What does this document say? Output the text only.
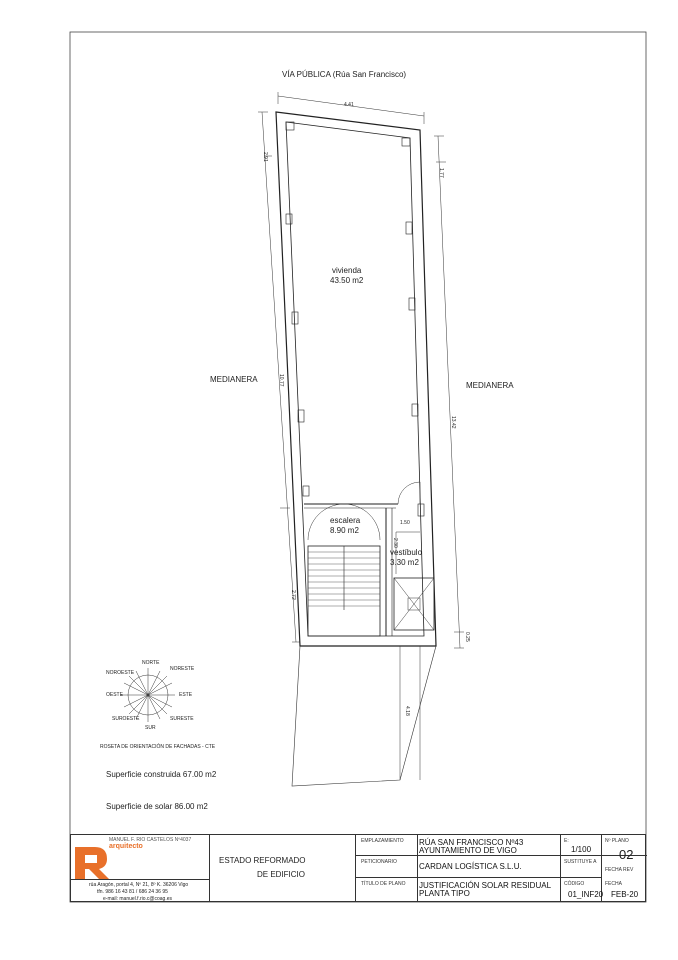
VÍA PÚBLICA (Rúa San Francisco)
4.41
2.91
1.77
10.77
13.42
2.72
0.25
4.18
1.50
2.30
vivienda
43.50 m2
escalera
8.90 m2
vestíbulo
3.30 m2
MEDIANERA
MEDIANERA
NORTE
NORESTE
ESTE
SURESTE
SUR
SUROESTE
OESTE
NOROESTE
ROSETA DE ORIENTACIÓN DE FACHADAS - CTE
Superficie construida 67.00 m2
Superficie de solar 86.00 m2
MANUEL F. RIO CASTELOS Nº4037
arquitecto
rúa Aragón, portal 4, Nº 21, 8º K. 36206 Vigo
tfn. 986 16 43 81 / 686 24 36 95
e-mail: manuel.f.rio.c@coag.es
ESTADO REFORMADO
DE EDIFICIO
EMPLAZAMIENTO RÚA SAN FRANCISCO Nº43
AYUNTAMIENTO DE VIGO
PETICIONARIO	CARDAN LOGÍSTICA S.L.U.
TÍTULO DE PLANO JUSTIFICACIÓN SOLAR RESIDUAL
PLANTA TIPO
E:
1/100
SUSTITUYE A
CÓDIGO
01_INF20
Nº PLANO
02
FECHA REV
FECHA
FEB-20
